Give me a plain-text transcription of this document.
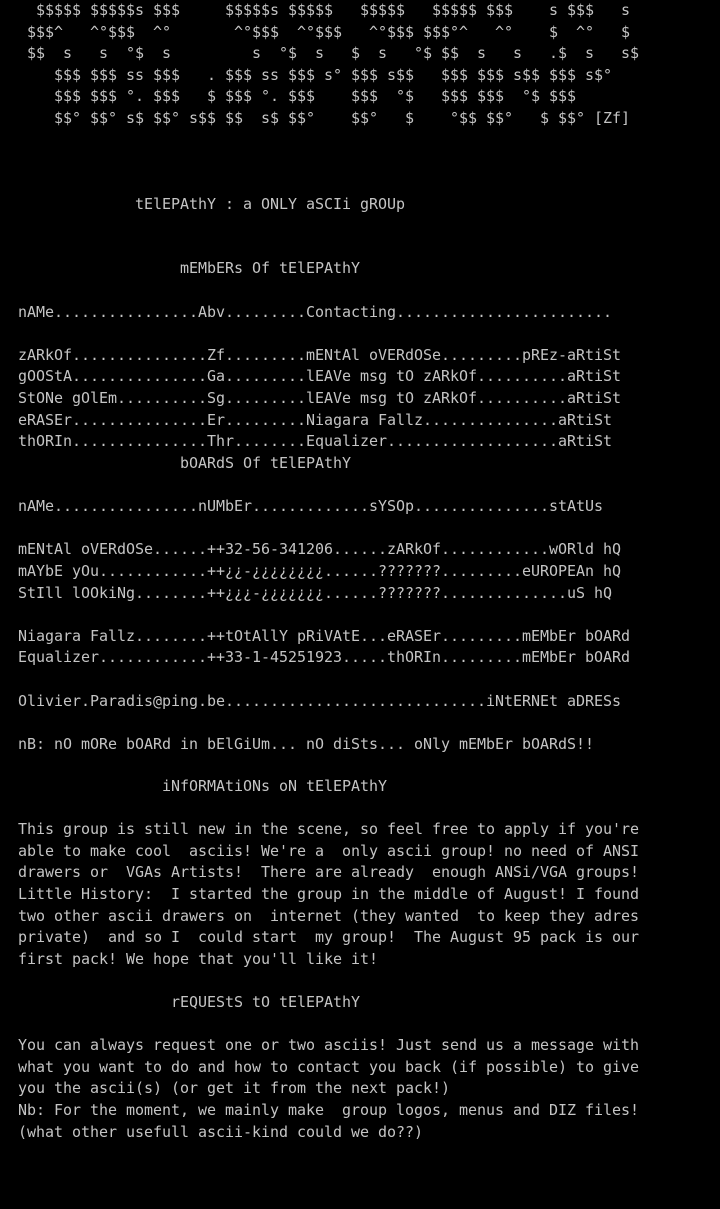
$$$$$ $$$$$s $$$     $$$$$s $$$$$   $$$$$   $$$$$ $$$    s $$$   s
$$$^   ^°$$$  ^°       ^°$$$  ^°$$$   ^°$$$ $$$°^   ^°    $  ^°   $
$$  s   s  °$  s         s  °$  s   $  s   °$ $$  s   s   .$  s   s$
$$$ $$$ ss $$$   . $$$ ss $$$ s° $$$ s$$   $$$ $$$ s$$ $$$ s$°
$$$ $$$ °. $$$   $ $$$ °. $$$    $$$  °$   $$$ $$$  °$ $$$
$$° $$° s$ $$° s$$ $$  s$ $$°    $$°   $    °$$ $$°   $ $$° [Zf]

tElEPAthY : a ONLY aSCIi gROUp

mEMbERs Of tElEPAthY

nAMe................Abv.........Contacting........................

zARkOf...............Zf.........mENtAl oVERdOSe.........pREz-aRtiSt
gOOStA...............Ga.........lEAVe msg tO zARkOf..........aRtiSt
StONe gOlEm..........Sg.........lEAVe msg tO zARkOf..........aRtiSt
eRASEr...............Er.........Niagara Fallz...............aRtiSt
thORIn...............Thr........Equalizer...................aRtiSt
bOARdS Of tElEPAthY

nAMe................nUMbEr.............sYSOp...............stAtUs

mENtAl oVERdOSe......++32-56-341206......zARkOf............wORld hQ
mAYbE yOu............++¿¿-¿¿¿¿¿¿¿¿......???????.........eUROPEAn hQ
StIll lOOkiNg........++¿¿¿-¿¿¿¿¿¿¿......???????..............uS hQ

Niagara Fallz........++tOtAllY pRiVAtE...eRASEr.........mEMbEr bOARd
Equalizer............++33-1-45251923.....thORIn.........mEMbEr bOARd

Olivier.Paradis@ping.be.............................iNtERNEt aDRESs

nB: nO mORe bOARd in bElGiUm... nO diSts... oNly mEMbEr bOARdS!!
iNfORMAtiONs oN tElEPAthY

This group is still new in the scene, so feel free to apply if you're
able to make cool  asciis! We're a  only ascii group! no need of ANSI
drawers or  VGAs Artists!  There are already  enough ANSi/VGA groups!
Little History:  I started the group in the middle of August! I found
two other ascii drawers on  internet (they wanted  to keep they adres
private)  and so I  could start  my group!  The August 95 pack is our
first pack! We hope that you'll like it!
rEQUEStS tO tElEPAthY

You can always request one or two asciis! Just send us a message with
what you want to do and how to contact you back (if possible) to give
you the ascii(s) (or get it from the next pack!)
Nb: For the moment, we mainly make  group logos, menus and DIZ files!
(what other usefull ascii-kind could we do??)
